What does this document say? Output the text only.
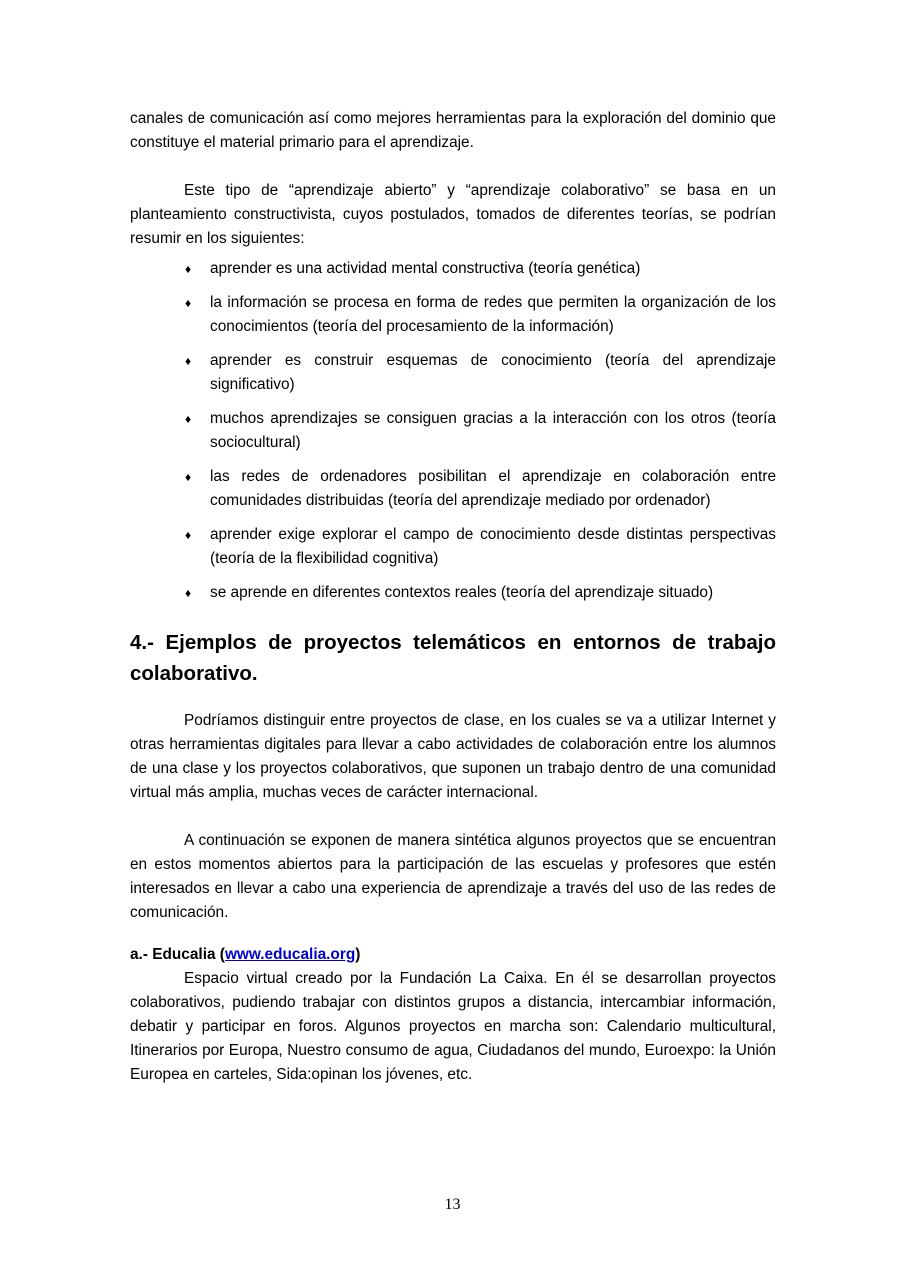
canales de comunicación así como mejores herramientas para la exploración del dominio que constituye el material primario para el aprendizaje.

Este tipo de “aprendizaje abierto” y “aprendizaje colaborativo” se basa en un planteamiento constructivista, cuyos postulados, tomados de diferentes teorías, se podrían resumir en los siguientes:

♦ aprender es una actividad mental constructiva (teoría genética)
♦ la información se procesa en forma de redes que permiten la organización de los conocimientos (teoría del procesamiento de la información)
♦ aprender es construir esquemas de conocimiento (teoría del aprendizaje significativo)
♦ muchos aprendizajes se consiguen gracias a la interacción con los otros (teoría sociocultural)
♦ las redes de ordenadores posibilitan el aprendizaje en colaboración entre comunidades distribuidas (teoría del aprendizaje mediado por ordenador)
♦ aprender exige explorar el campo de conocimiento desde distintas perspectivas (teoría de la flexibilidad cognitiva)
♦ se aprende en diferentes contextos reales (teoría del aprendizaje situado)
4.- Ejemplos de proyectos telemáticos en entornos de trabajo colaborativo.

Podríamos distinguir entre proyectos de clase, en los cuales se va a utilizar Internet y otras herramientas digitales para llevar a cabo actividades de colaboración entre los alumnos de una clase y los proyectos colaborativos, que suponen un trabajo dentro de una comunidad virtual más amplia, muchas veces de carácter internacional.

A continuación se exponen de manera sintética algunos proyectos que se encuentran en estos momentos abiertos para la participación de las escuelas y profesores que estén interesados en llevar a cabo una experiencia de aprendizaje a través del uso de las redes de comunicación.

a.- Educalia (www.educalia.org)

Espacio virtual creado por la Fundación La Caixa. En él se desarrollan proyectos colaborativos, pudiendo trabajar con distintos grupos a distancia, intercambiar información, debatir y participar en foros. Algunos proyectos en marcha son: Calendario multicultural, Itinerarios por Europa, Nuestro consumo de agua, Ciudadanos del mundo, Euroexpo: la Unión Europea en carteles, Sida:opinan los jóvenes, etc.

13
